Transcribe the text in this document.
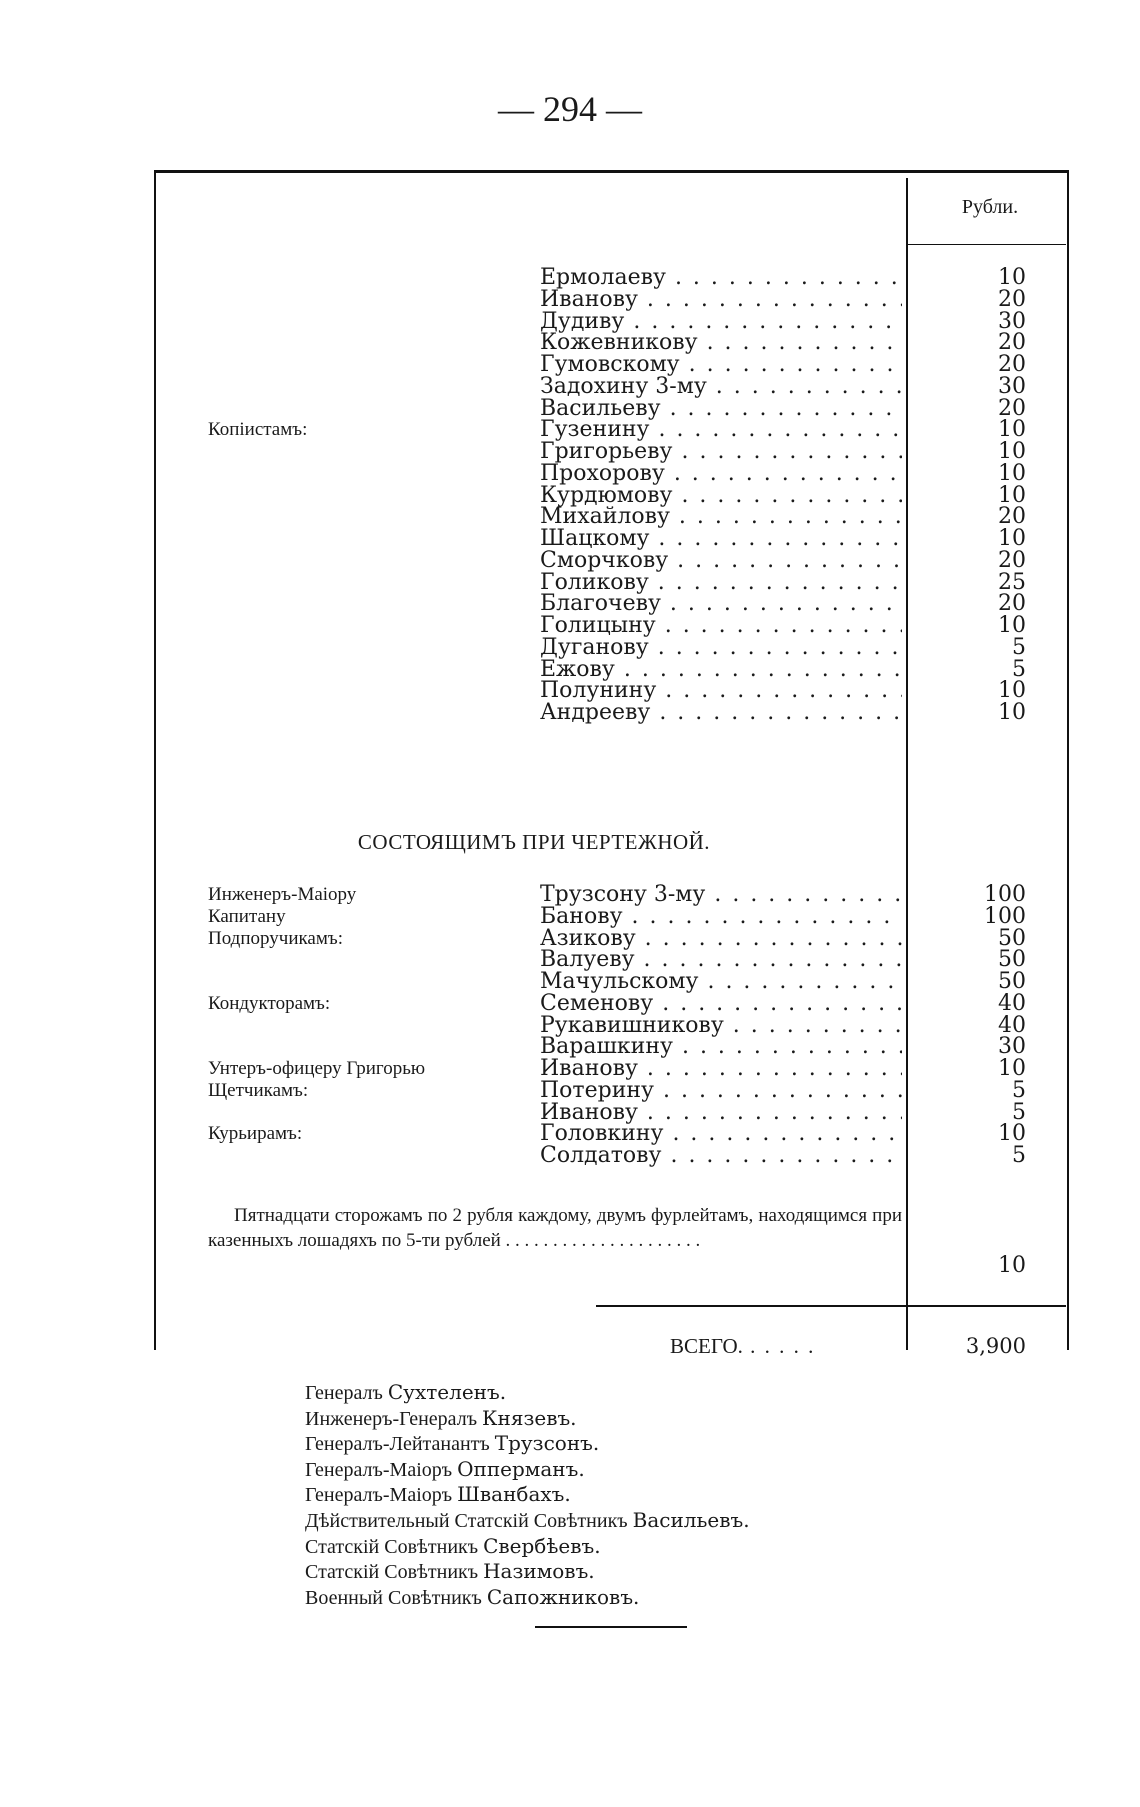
— 294 —
Рубли.
Ермолаеву . . .	10
Иванову . . .	20
Дудиву . . .	30
Кожевникову . . .	20
Гумовскому . . .	20
Задохину 3-му . . .	30
Васильеву . . .	20
Копiистамъ:	Гузенину . . .	10
Григорьеву . . .	10
Прохорову . . .	10
Курдюмову . . .	10
Михайлову . . .	20
Шацкому . . .	10
Сморчкову . . .	20
Голикову . . .	25
Благочеву . . .	20
Голицыну . . .	10
Дуганову . . .	5
Ежову . . .	5
Полунину . . .	10
Андрееву . . .	10
СОСТОЯЩИМЪ ПРИ ЧЕРТЕЖНОЙ.
Инженеръ-Маiору	Трузсону 3-му . . .	100
Капитану	Банову . . .	100
Подпоручикамъ:	Азикову . . .	50
Валуеву . . .	50
Мачульскому . . .	50
Кондукторамъ:	Семенову . . .	40
Рукавишникову . . .	40
Варашкину . . .	30
Унтеръ-офицеру Григорью	Иванову . . .	10
Щетчикамъ:	Потерину . . .	5
Иванову . . .	5
Курьирамъ:	Головкину . . .	10
Солдатову . . .	5
Пятнадцати сторожамъ по 2 рубля каждому, двумъ фурлейтамъ, находящимся при казенныхъ лошадяхъ по 5-ти рублей . . . . . . . . . . . . . . . . . . . . .
10
ВСЕГО. . . .	3,900
Генералъ Сухтеленъ.
Инженеръ-Генералъ Князевъ.
Генералъ-Лейтанантъ Трузсонъ.
Генералъ-Маiоръ Опперманъ.
Генералъ-Маiоръ Шванбахъ.
Дѣйствительный Статскiй Совѣтникъ Васильевъ.
Статскiй Совѣтникъ Свербѣевъ.
Статскiй Совѣтникъ Назимовъ.
Военный Совѣтникъ Сапожниковъ.
